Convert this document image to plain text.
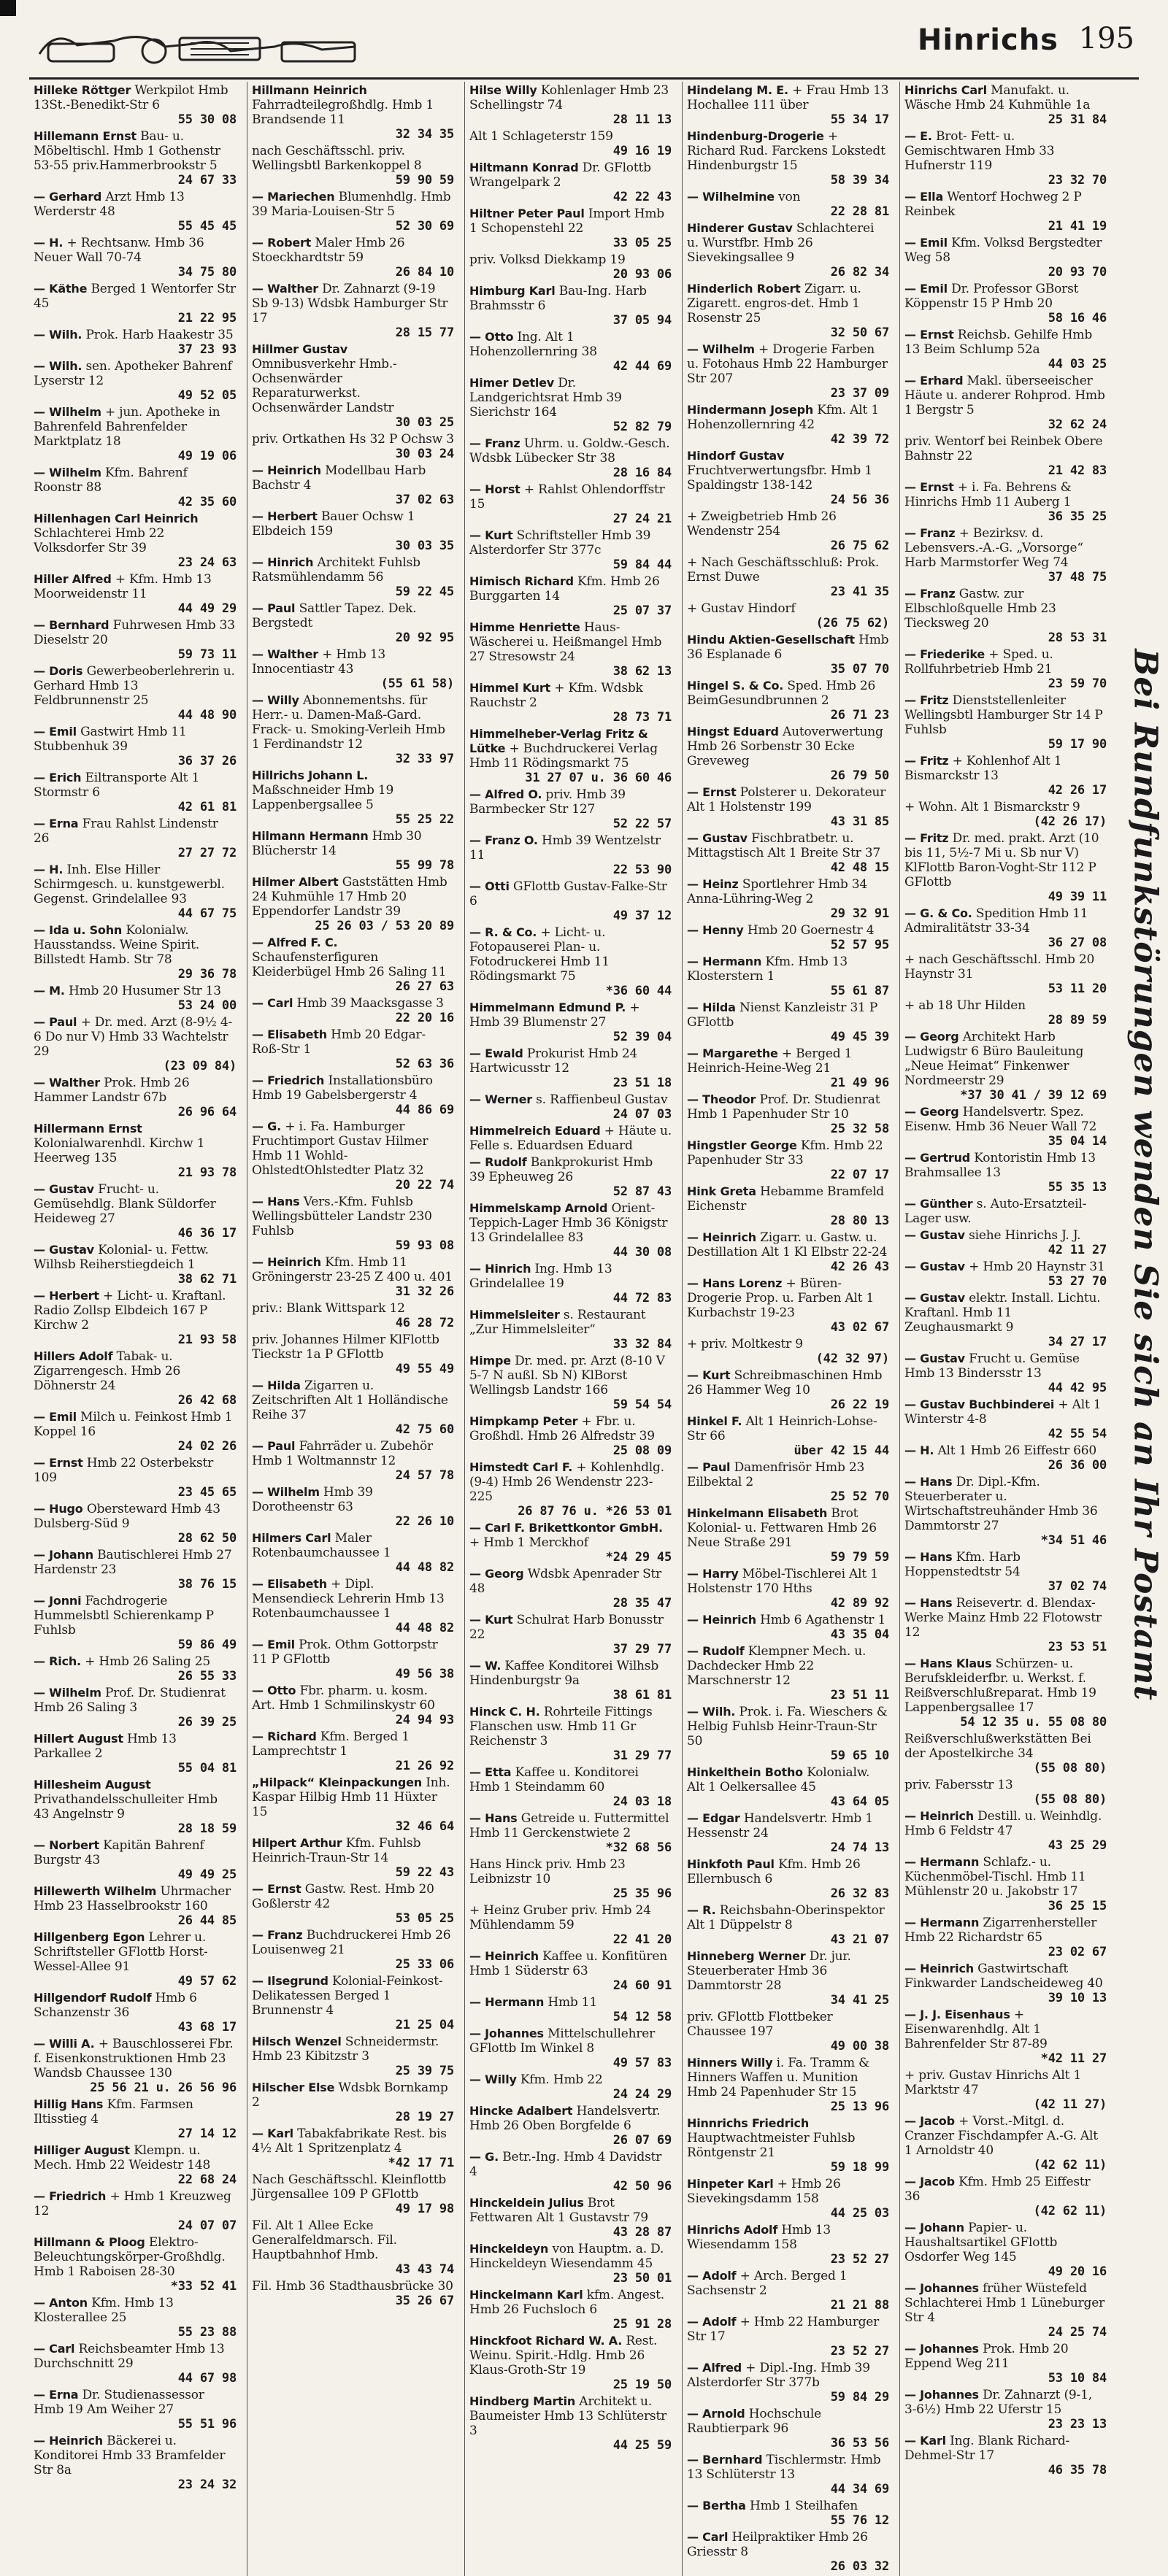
Hinrichs 195
Hilleke Röttger Werkpilot Hmb 13St.-Benedikt-Str 6
55 30 08
Hillemann Ernst Bau- u. Möbeltischl. Hmb 1 Gothenstr 53-55 priv.Hammerbrookstr 5
24 67 33
— Gerhard Arzt Hmb 13 Werderstr 48
55 45 45
— H. + Rechtsanw. Hmb 36 Neuer Wall 70-74
34 75 80
— Käthe Berged 1 Wentorfer Str 45
21 22 95
— Wilh. Prok. Harb Haakestr 35
37 23 93
— Wilh. sen. Apotheker Bahrenf Lyserstr 12
49 52 05
— Wilhelm + jun. Apotheke in Bahrenfeld Bahrenfelder Marktplatz 18
49 19 06
— Wilhelm Kfm. Bahrenf Roonstr 88
42 35 60
Hillenhagen Carl Heinrich Schlachterei Hmb 22 Volksdorfer Str 39
23 24 63
Hiller Alfred + Kfm. Hmb 13 Moorweidenstr 11
44 49 29
— Bernhard Fuhrwesen Hmb 33 Dieselstr 20
59 73 11
— Doris Gewerbeoberlehrerin u. Gerhard Hmb 13 Feldbrunnenstr 25
44 48 90
— Emil Gastwirt Hmb 11 Stubbenhuk 39
36 37 26
— Erich Eiltransporte Alt 1 Stormstr 6
42 61 81
— Erna Frau Rahlst Lindenstr 26
27 27 72
— H. Inh. Else Hiller Schirmgesch. u. kunstgewerbl. Gegenst. Grindelallee 93
44 67 75
— Ida u. Sohn Kolonialw. Hausstandss. Weine Spirit. Billstedt Hamb. Str 78
29 36 78
— M. Hmb 20 Husumer Str 13
53 24 00
— Paul + Dr. med. Arzt (8-9½ 4-6 Do nur V) Hmb 33 Wachtelstr 29
(23 09 84)
— Walther Prok. Hmb 26 Hammer Landstr 67b
26 96 64
Hillermann Ernst Kolonialwarenhdl. Kirchw 1 Heerweg 135
21 93 78
— Gustav Frucht- u. Gemüsehdlg. Blank Süldorfer Heideweg 27
46 36 17
— Gustav Kolonial- u. Fettw. Wilhsb Reiherstiegdeich 1
38 62 71
— Herbert + Licht- u. Kraftanl. Radio Zollsp Elbdeich 167 P Kirchw 2
21 93 58
Hillers Adolf Tabak- u. Zigarrengesch. Hmb 26 Döhnerstr 24
26 42 68
— Emil Milch u. Feinkost Hmb 1 Koppel 16
24 02 26
— Ernst Hmb 22 Osterbekstr 109
23 45 65
— Hugo Obersteward Hmb 43 Dulsberg-Süd 9
28 62 50
— Johann Bautischlerei Hmb 27 Hardenstr 23
38 76 15
— Jonni Fachdrogerie Hummelsbtl Schierenkamp P Fuhlsb
59 86 49
— Rich. + Hmb 26 Saling 25
26 55 33
— Wilhelm Prof. Dr. Studienrat Hmb 26 Saling 3
26 39 25
Hillert August Hmb 13 Parkallee 2
55 04 81
Hillesheim August Privathandelsschulleiter Hmb 43 Angelnstr 9
28 18 59
— Norbert Kapitän Bahrenf Burgstr 43
49 49 25
Hillewerth Wilhelm Uhrmacher Hmb 23 Hasselbrookstr 160
26 44 85
Hillgenberg Egon Lehrer u. Schriftsteller GFlottb Horst-Wessel-Allee 91
49 57 62
Hillgendorf Rudolf Hmb 6 Schanzenstr 36
43 68 17
— Willi A. + Bauschlosserei Fbr. f. Eisenkonstruktionen Hmb 23 Wandsb Chaussee 130
25 56 21 u. 26 56 96
Hillig Hans Kfm. Farmsen Iltisstieg 4
27 14 12
Hilliger August Klempn. u. Mech. Hmb 22 Weidestr 148
22 68 24
— Friedrich + Hmb 1 Kreuzweg 12
24 07 07
Hillmann & Ploog Elektro-Beleuchtungskörper-Großhdlg. Hmb 1 Raboisen 28-30
*33 52 41
— Anton Kfm. Hmb 13 Klosterallee 25
55 23 88
— Carl Reichsbeamter Hmb 13 Durchschnitt 29
44 67 98
— Erna Dr. Studienassessor Hmb 19 Am Weiher 27
55 51 96
— Heinrich Bäckerei u. Konditorei Hmb 33 Bramfelder Str 8a
23 24 32
Hillmann Heinrich Fahrradteilegroßhdlg. Hmb 1 Brandsende 11
32 34 35
nach Geschäftsschl. priv. Wellingsbtl Barkenkoppel 8
59 90 59
— Mariechen Blumenhdlg. Hmb 39 Maria-Louisen-Str 5
52 30 69
— Robert Maler Hmb 26 Stoeckhardtstr 59
26 84 10
— Walther Dr. Zahnarzt (9-19 Sb 9-13) Wdsbk Hamburger Str 17
28 15 77
Hillmer Gustav Omnibusverkehr Hmb.-Ochsenwärder Reparaturwerkst. Ochsenwärder Landstr
30 03 25
priv. Ortkathen Hs 32 P Ochsw 3
30 03 24
— Heinrich Modellbau Harb Bachstr 4
37 02 63
— Herbert Bauer Ochsw 1 Elbdeich 159
30 03 35
— Hinrich Architekt Fuhlsb Ratsmühlendamm 56
59 22 45
— Paul Sattler Tapez. Dek. Bergstedt
20 92 95
— Walther + Hmb 13 Innocentiastr 43
(55 61 58)
— Willy Abonnementshs. für Herr.- u. Damen-Maß-Gard. Frack- u. Smoking-Verleih Hmb 1 Ferdinandstr 12
32 33 97
Hillrichs Johann L. Maßschneider Hmb 19 Lappenbergsallee 5
55 25 22
Hilmann Hermann Hmb 30 Blücherstr 14
55 99 78
Hilmer Albert Gaststätten Hmb 24 Kuhmühle 17 Hmb 20 Eppendorfer Landstr 39
25 26 03 / 53 20 89
— Alfred F. C. Schaufensterfiguren Kleiderbügel Hmb 26 Saling 11
26 27 63
— Carl Hmb 39 Maacksgasse 3
22 20 16
— Elisabeth Hmb 20 Edgar-Roß-Str 1
52 63 36
— Friedrich Installationsbüro Hmb 19 Gabelsbergerstr 4
44 86 69
— G. + i. Fa. Hamburger Fruchtimport Gustav Hilmer Hmb 11 Wohld-OhlstedtOhlstedter Platz 32
20 22 74
— Hans Vers.-Kfm. Fuhlsb Wellingsbütteler Landstr 230 Fuhlsb
59 93 08
— Heinrich Kfm. Hmb 11 Gröningerstr 23-25 Z 400 u. 401
31 32 26
priv.: Blank Wittspark 12
46 28 72
priv. Johannes Hilmer KlFlottb Tieckstr 1a P GFlottb
49 55 49
— Hilda Zigarren u. Zeitschriften Alt 1 Holländische Reihe 37
42 75 60
— Paul Fahrräder u. Zubehör Hmb 1 Woltmannstr 12
24 57 78
— Wilhelm Hmb 39 Dorotheenstr 63
22 26 10
Hilmers Carl Maler Rotenbaumchaussee 1
44 48 82
— Elisabeth + Dipl. Mensendieck Lehrerin Hmb 13 Rotenbaumchaussee 1
44 48 82
— Emil Prok. Othm Gottorpstr 11 P GFlottb
49 56 38
— Otto Fbr. pharm. u. kosm. Art. Hmb 1 Schmilinskystr 60
24 94 93
— Richard Kfm. Berged 1 Lamprechtstr 1
21 26 92
„Hilpack“ Kleinpackungen Inh. Kaspar Hilbig Hmb 11 Hüxter 15
32 46 64
Hilpert Arthur Kfm. Fuhlsb Heinrich-Traun-Str 14
59 22 43
— Ernst Gastw. Rest. Hmb 20 Goßlerstr 42
53 05 25
— Franz Buchdruckerei Hmb 26 Louisenweg 21
25 33 06
— Ilsegrund Kolonial-Feinkost-Delikatessen Berged 1 Brunnenstr 4
21 25 04
Hilsch Wenzel Schneidermstr. Hmb 23 Kibitzstr 3
25 39 75
Hilscher Else Wdsbk Bornkamp 2
28 19 27
— Karl Tabakfabrikate Rest. bis 4½ Alt 1 Spritzenplatz 4
*42 17 71
Nach Geschäftsschl. Kleinflottb Jürgensallee 109 P GFlottb
49 17 98
Fil. Alt 1 Allee Ecke Generalfeldmarsch. Fil. Hauptbahnhof Hmb.
43 43 74
Fil. Hmb 36 Stadthausbrücke 30
35 26 67
Hilse Willy Kohlenlager Hmb 23 Schellingstr 74
28 11 13
Alt 1 Schlageterstr 159
49 16 19
Hiltmann Konrad Dr. GFlottb Wrangelpark 2
42 22 43
Hiltner Peter Paul Import Hmb 1 Schopenstehl 22
33 05 25
priv. Volksd Diekkamp 19
20 93 06
Himburg Karl Bau-Ing. Harb Brahmsstr 6
37 05 94
— Otto Ing. Alt 1 Hohenzollernring 38
42 44 69
Himer Detlev Dr. Landgerichtsrat Hmb 39 Sierichstr 164
52 82 79
— Franz Uhrm. u. Goldw.-Gesch. Wdsbk Lübecker Str 38
28 16 84
— Horst + Rahlst Ohlendorffstr 15
27 24 21
— Kurt Schriftsteller Hmb 39 Alsterdorfer Str 377c
59 84 44
Himisch Richard Kfm. Hmb 26 Burggarten 14
25 07 37
Himme Henriette Haus-Wäscherei u. Heißmangel Hmb 27 Stresowstr 24
38 62 13
Himmel Kurt + Kfm. Wdsbk Rauchstr 2
28 73 71
Himmelheber-Verlag Fritz & Lütke + Buchdruckerei Verlag Hmb 11 Rödingsmarkt 75
31 27 07 u. 36 60 46
— Alfred O. priv. Hmb 39 Barmbecker Str 127
52 22 57
— Franz O. Hmb 39 Wentzelstr 11
22 53 90
— Otti GFlottb Gustav-Falke-Str 6
49 37 12
— R. & Co. + Licht- u. Fotopauserei Plan- u. Fotodruckerei Hmb 11 Rödingsmarkt 75
*36 60 44
Himmelmann Edmund P. + Hmb 39 Blumenstr 27
52 39 04
— Ewald Prokurist Hmb 24 Hartwicusstr 12
23 51 18
— Werner s. Raffienbeul Gustav
24 07 03
Himmelreich Eduard + Häute u. Felle s. Eduardsen Eduard
— Rudolf Bankprokurist Hmb 39 Epheuweg 26
52 87 43
Himmelskamp Arnold Orient-Teppich-Lager Hmb 36 Königstr 13 Grindelallee 83
44 30 08
— Hinrich Ing. Hmb 13 Grindelallee 19
44 72 83
Himmelsleiter s. Restaurant „Zur Himmelsleiter“
33 32 84
Himpe Dr. med. pr. Arzt (8-10 V 5-7 N außl. Sb N) KlBorst Wellingsb Landstr 166
59 54 54
Himpkamp Peter + Fbr. u. Großhdl. Hmb 26 Alfredstr 39
25 08 09
Himstedt Carl F. + Kohlenhdlg. (9-4) Hmb 26 Wendenstr 223-225
26 87 76 u. *26 53 01
— Carl F. Brikettkontor GmbH. + Hmb 1 Merckhof
*24 29 45
— Georg Wdsbk Apenrader Str 48
28 35 47
— Kurt Schulrat Harb Bonusstr 22
37 29 77
— W. Kaffee Konditorei Wilhsb Hindenburgstr 9a
38 61 81
Hinck C. H. Rohrteile Fittings Flanschen usw. Hmb 11 Gr Reichenstr 3
31 29 77
— Etta Kaffee u. Konditorei Hmb 1 Steindamm 60
24 03 18
— Hans Getreide u. Futtermittel Hmb 11 Gerckenstwiete 2
*32 68 56
Hans Hinck priv. Hmb 23 Leibnizstr 10
25 35 96
+ Heinz Gruber priv. Hmb 24 Mühlendamm 59
22 41 20
— Heinrich Kaffee u. Konfitüren Hmb 1 Süderstr 63
24 60 91
— Hermann Hmb 11
54 12 58
— Johannes Mittelschullehrer GFlottb Im Winkel 8
49 57 83
— Willy Kfm. Hmb 22
24 24 29
Hincke Adalbert Handelsvertr. Hmb 26 Oben Borgfelde 6
26 07 69
— G. Betr.-Ing. Hmb 4 Davidstr 4
42 50 96
Hinckeldein Julius Brot Fettwaren Alt 1 Gustavstr 79
43 28 87
Hinckeldeyn von Hauptm. a. D. Hinckeldeyn Wiesendamm 45
23 50 01
Hinckelmann Karl kfm. Angest. Hmb 26 Fuchsloch 6
25 91 28
Hinckfoot Richard W. A. Rest. Weinu. Spirit.-Hdlg. Hmb 26 Klaus-Groth-Str 19
25 19 50
Hindberg Martin Architekt u. Baumeister Hmb 13 Schlüterstr 3
44 25 59
Hindelang M. E. + Frau Hmb 13 Hochallee 111 über
55 34 17
Hindenburg-Drogerie + Richard Rud. Farckens Lokstedt Hindenburgstr 15
58 39 34
— Wilhelmine von
22 28 81
Hinderer Gustav Schlachterei u. Wurstfbr. Hmb 26 Sievekingsallee 9
26 82 34
Hinderlich Robert Zigarr. u. Zigarett. engros-det. Hmb 1 Rosenstr 25
32 50 67
— Wilhelm + Drogerie Farben u. Fotohaus Hmb 22 Hamburger Str 207
23 37 09
Hindermann Joseph Kfm. Alt 1 Hohenzollernring 42
42 39 72
Hindorf Gustav Fruchtverwertungsfbr. Hmb 1 Spaldingstr 138-142
24 56 36
+ Zweigbetrieb Hmb 26 Wendenstr 254
26 75 62
+ Nach Geschäftsschluß: Prok. Ernst Duwe
23 41 35
+ Gustav Hindorf
(26 75 62)
Hindu Aktien-Gesellschaft Hmb 36 Esplanade 6
35 07 70
Hingel S. & Co. Sped. Hmb 26 BeimGesundbrunnen 2
26 71 23
Hingst Eduard Autoverwertung Hmb 26 Sorbenstr 30 Ecke Greveweg
26 79 50
— Ernst Polsterer u. Dekorateur Alt 1 Holstenstr 199
43 31 85
— Gustav Fischbratbetr. u. Mittagstisch Alt 1 Breite Str 37
42 48 15
— Heinz Sportlehrer Hmb 34 Anna-Lühring-Weg 2
29 32 91
— Henny Hmb 20 Goernestr 4
52 57 95
— Hermann Kfm. Hmb 13 Klosterstern 1
55 61 87
— Hilda Nienst Kanzleistr 31 P GFlottb
49 45 39
— Margarethe + Berged 1 Heinrich-Heine-Weg 21
21 49 96
— Theodor Prof. Dr. Studienrat Hmb 1 Papenhuder Str 10
25 32 58
Hingstler George Kfm. Hmb 22 Papenhuder Str 33
22 07 17
Hink Greta Hebamme Bramfeld Eichenstr
28 80 13
— Heinrich Zigarr. u. Gastw. u. Destillation Alt 1 Kl Elbstr 22-24
42 26 43
— Hans Lorenz + Büren-Drogerie Prop. u. Farben Alt 1 Kurbachstr 19-23
43 02 67
+ priv. Moltkestr 9
(42 32 97)
— Kurt Schreibmaschinen Hmb 26 Hammer Weg 10
26 22 19
Hinkel F. Alt 1 Heinrich-Lohse-Str 66
über 42 15 44
— Paul Damenfrisör Hmb 23 Eilbektal 2
25 52 70
Hinkelmann Elisabeth Brot Kolonial- u. Fettwaren Hmb 26 Neue Straße 291
59 79 59
— Harry Möbel-Tischlerei Alt 1 Holstenstr 170 Hths
42 89 92
— Heinrich Hmb 6 Agathenstr 1
43 35 04
— Rudolf Klempner Mech. u. Dachdecker Hmb 22 Marschnerstr 12
23 51 11
— Wilh. Prok. i. Fa. Wieschers & Helbig Fuhlsb Heinr-Traun-Str 50
59 65 10
Hinkelthein Botho Kolonialw. Alt 1 Oelkersallee 45
43 64 05
— Edgar Handelsvertr. Hmb 1 Hessenstr 24
24 74 13
Hinkfoth Paul Kfm. Hmb 26 Ellernbusch 6
26 32 83
— R. Reichsbahn-Oberinspektor Alt 1 Düppelstr 8
43 21 07
Hinneberg Werner Dr. jur. Steuerberater Hmb 36 Dammtorstr 28
34 41 25
priv. GFlottb Flottbeker Chaussee 197
49 00 38
Hinners Willy i. Fa. Tramm & Hinners Waffen u. Munition Hmb 24 Papenhuder Str 15
25 13 96
Hinnrichs Friedrich Hauptwachtmeister Fuhlsb Röntgenstr 21
59 18 99
Hinpeter Karl + Hmb 26 Sievekingsdamm 158
44 25 03
Hinrichs Adolf Hmb 13 Wiesendamm 158
23 52 27
— Adolf + Arch. Berged 1 Sachsenstr 2
21 21 88
— Adolf + Hmb 22 Hamburger Str 17
23 52 27
— Alfred + Dipl.-Ing. Hmb 39 Alsterdorfer Str 377b
59 84 29
— Arnold Hochschule Raubtierpark 96
36 53 56
— Bernhard Tischlermstr. Hmb 13 Schlüterstr 13
44 34 69
— Bertha Hmb 1 Steilhafen
55 76 12
— Carl Heilpraktiker Hmb 26 Griesstr 8
26 03 32
Hinrichs Carl Manufakt. u. Wäsche Hmb 24 Kuhmühle 1a
25 31 84
— E. Brot- Fett- u. Gemischtwaren Hmb 33 Hufnerstr 119
23 32 70
— Ella Wentorf Hochweg 2 P Reinbek
21 41 19
— Emil Kfm. Volksd Bergstedter Weg 58
20 93 70
— Emil Dr. Professor GBorst Köppenstr 15 P Hmb 20
58 16 46
— Ernst Reichsb. Gehilfe Hmb 13 Beim Schlump 52a
44 03 25
— Erhard Makl. überseeischer Häute u. anderer Rohprod. Hmb 1 Bergstr 5
32 62 24
priv. Wentorf bei Reinbek Obere Bahnstr 22
21 42 83
— Ernst + i. Fa. Behrens & Hinrichs Hmb 11 Auberg 1
36 35 25
— Franz + Bezirksv. d. Lebensvers.-A.-G. „Vorsorge“ Harb Marmstorfer Weg 74
37 48 75
— Franz Gastw. zur Elbschloßquelle Hmb 23 Tiecksweg 20
28 53 31
— Friederike + Sped. u. Rollfuhrbetrieb Hmb 21
23 59 70
— Fritz Dienststellenleiter Wellingsbtl Hamburger Str 14 P Fuhlsb
59 17 90
— Fritz + Kohlenhof Alt 1 Bismarckstr 13
42 26 17
+ Wohn. Alt 1 Bismarckstr 9
(42 26 17)
— Fritz Dr. med. prakt. Arzt (10 bis 11, 5½-7 Mi u. Sb nur V) KlFlottb Baron-Voght-Str 112 P GFlottb
49 39 11
— G. & Co. Spedition Hmb 11 Admiralitätstr 33-34
36 27 08
+ nach Geschäftsschl. Hmb 20 Haynstr 31
53 11 20
+ ab 18 Uhr Hilden
28 89 59
— Georg Architekt Harb Ludwigstr 6 Büro Bauleitung „Neue Heimat“ Finkenwer Nordmeerstr 29
*37 30 41 / 39 12 69
— Georg Handelsvertr. Spez. Eisenw. Hmb 36 Neuer Wall 72
35 04 14
— Gertrud Kontoristin Hmb 13 Brahmsallee 13
55 35 13
— Günther s. Auto-Ersatzteil-Lager usw.
— Gustav siehe Hinrichs J. J.
42 11 27
— Gustav + Hmb 20 Haynstr 31
53 27 70
— Gustav elektr. Install. Lichtu. Kraftanl. Hmb 11 Zeughausmarkt 9
34 27 17
— Gustav Frucht u. Gemüse Hmb 13 Bindersstr 13
44 42 95
— Gustav Buchbinderei + Alt 1 Winterstr 4-8
42 55 54
— H. Alt 1 Hmb 26 Eiffestr 660
26 36 00
— Hans Dr. Dipl.-Kfm. Steuerberater u. Wirtschaftstreuhänder Hmb 36 Dammtorstr 27
*34 51 46
— Hans Kfm. Harb Hoppenstedtstr 54
37 02 74
— Hans Reisevertr. d. Blendax-Werke Mainz Hmb 22 Flotowstr 12
23 53 51
— Hans Klaus Schürzen- u. Berufskleiderfbr. u. Werkst. f. Reißverschlußreparat. Hmb 19 Lappenbergsallee 17
54 12 35 u. 55 08 80
Reißverschlußwerkstätten Bei der Apostelkirche 34
(55 08 80)
priv. Fabersstr 13
(55 08 80)
— Heinrich Destill. u. Weinhdlg. Hmb 6 Feldstr 47
43 25 29
— Hermann Schlafz.- u. Küchenmöbel-Tischl. Hmb 11 Mühlenstr 20 u. Jakobstr 17
36 25 15
— Hermann Zigarrenhersteller Hmb 22 Richardstr 65
23 02 67
— Heinrich Gastwirtschaft Finkwarder Landscheideweg 40
39 10 13
— J. J. Eisenhaus + Eisenwarenhdlg. Alt 1 Bahrenfelder Str 87-89
*42 11 27
+ priv. Gustav Hinrichs Alt 1 Marktstr 47
(42 11 27)
— Jacob + Vorst.-Mitgl. d. Cranzer Fischdampfer A.-G. Alt 1 Arnoldstr 40
(42 62 11)
— Jacob Kfm. Hmb 25 Eiffestr 36
(42 62 11)
— Johann Papier- u. Haushaltsartikel GFlottb Osdorfer Weg 145
49 20 16
— Johannes früher Wüstefeld Schlachterei Hmb 1 Lüneburger Str 4
24 25 74
— Johannes Prok. Hmb 20 Eppend Weg 211
53 10 84
— Johannes Dr. Zahnarzt (9-1, 3-6½) Hmb 22 Uferstr 15
23 23 13
— Karl Ing. Blank Richard-Dehmel-Str 17
46 35 78
Bei Rundfunkstörungen wenden Sie sich an Ihr Postamt
